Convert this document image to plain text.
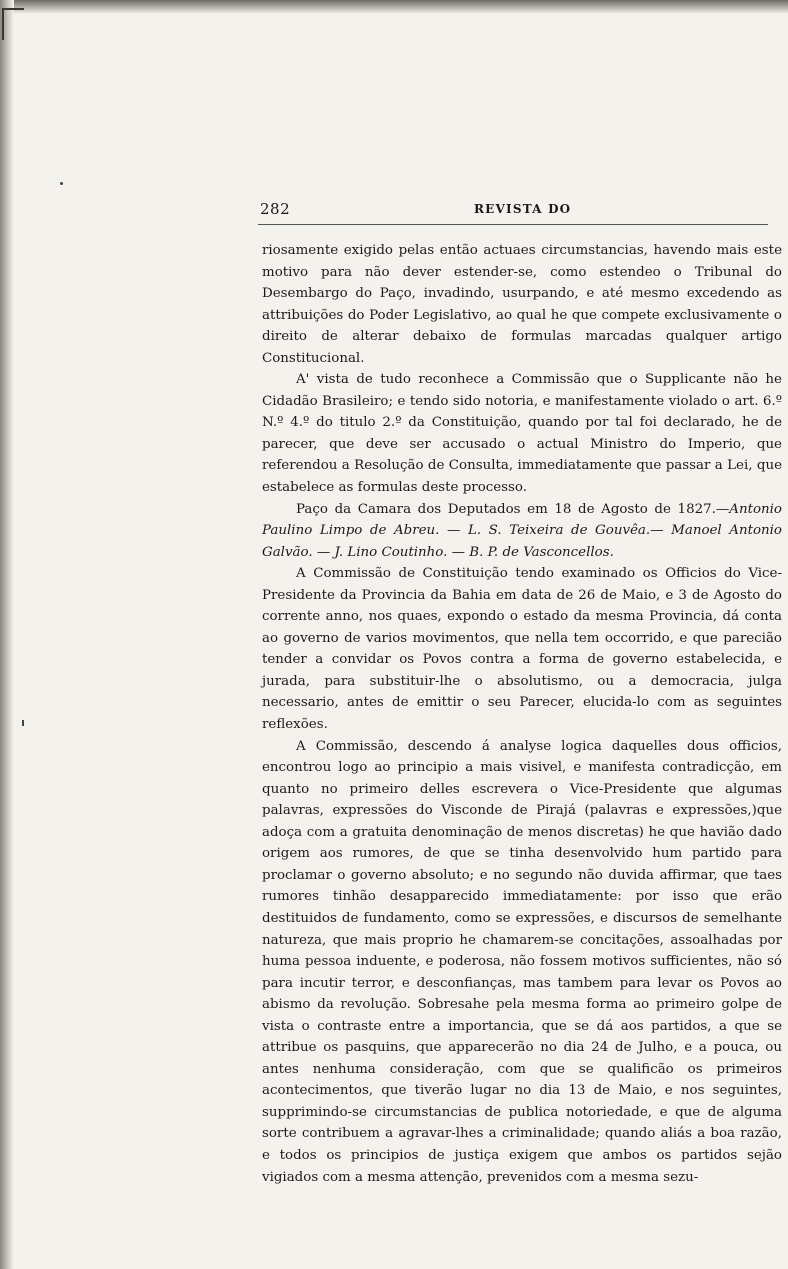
282	REVISTA DO

riosamente exigido pelas então actuaes circumstancias, havendo mais este motivo para não dever estender-se, como estendeo o Tribunal do Desembargo do Paço, invadindo, usurpando, e até mesmo excedendo as attribuições do Poder Legislativo, ao qual he que compete exclusivamente o direito de alterar debaixo de formulas marcadas qualquer artigo Constitucional.

A' vista de tudo reconhece a Commissão que o Supplicante não he Cidadão Brasileiro; e tendo sido notoria, e manifestamente violado o art. 6.º N.º 4.º do titulo 2.º da Constituição, quando por tal foi declarado, he de parecer, que deve ser accusado o actual Ministro do Imperio, que referendou a Resolução de Consulta, immediatamente que passar a Lei, que estabelece as formulas deste processo.

Paço da Camara dos Deputados em 18 de Agosto de 1827.—Antonio Paulino Limpo de Abreu. — L. S. Teixeira de Gouvêa.— Manoel Antonio Galvão. — J. Lino Coutinho. — B. P. de Vasconcellos.

A Commissão de Constituição tendo examinado os Officios do Vice-Presidente da Provincia da Bahia em data de 26 de Maio, e 3 de Agosto do corrente anno, nos quaes, expondo o estado da mesma Provincia, dá conta ao governo de varios movimentos, que nella tem occorrido, e que parecião tender a convidar os Povos contra a forma de governo estabelecida, e jurada, para substituir-lhe o absolutismo, ou a democracia, julga necessario, antes de emittir o seu Parecer, elucida-lo com as seguintes reflexões.

A Commissão, descendo á analyse logica daquelles dous officios, encontrou logo ao principio a mais visivel, e manifesta contradicção, em quanto no primeiro delles escrevera o Vice-Presidente que algumas palavras, expressões do Visconde de Pirajá (palavras e expressões,)que adoça com a gratuita denominação de menos discretas) he que havião dado origem aos rumores, de que se tinha desenvolvido hum partido para proclamar o governo absoluto; e no segundo não duvida affirmar, que taes rumores tinhão desapparecido immediatamente: por isso que erão destituidos de fundamento, como se expressões, e discursos de semelhante natureza, que mais proprio he chamarem-se concitações, assoalhadas por huma pessoa induente, e poderosa, não fossem motivos sufficientes, não só para incutir terror, e desconfianças, mas tambem para levar os Povos ao abismo da revolução. Sobresahe pela mesma forma ao primeiro golpe de vista o contraste entre a importancia, que se dá aos partidos, a que se attribue os pasquins, que apparecerão no dia 24 de Julho, e a pouca, ou antes nenhuma consideração, com que se qualificão os primeiros acontecimentos, que tiverão lugar no dia 13 de Maio, e nos seguintes, supprimindo-se circumstancias de publica notoriedade, e que de alguma sorte contribuem a agravar-lhes a criminalidade; quando aliás a boa razão, e todos os principios de justiça exigem que ambos os partidos sejão vigiados com a mesma attenção, prevenidos com a mesma sezu-
